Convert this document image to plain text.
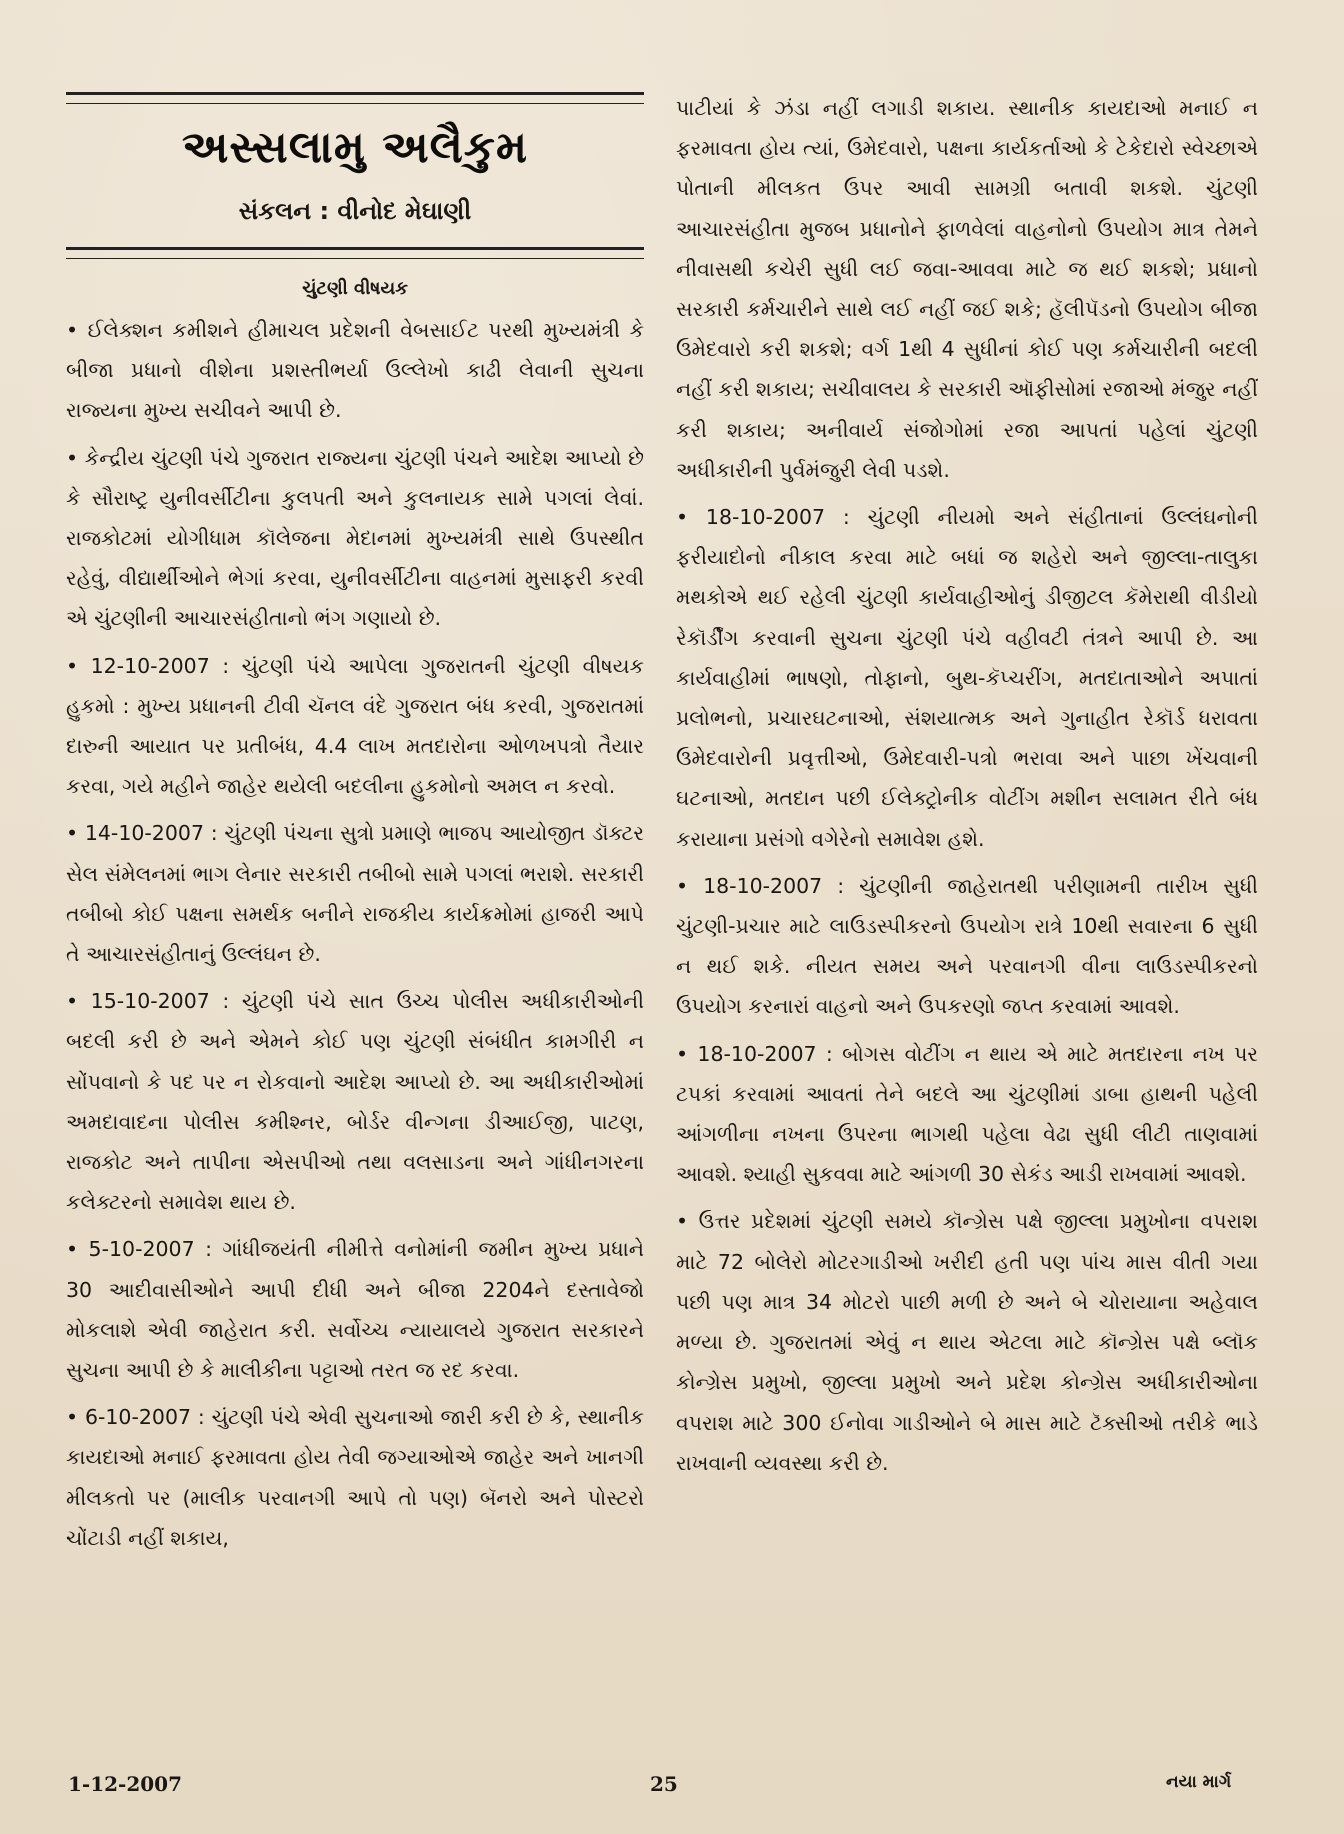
અસ્સલામુ અલૈકુમ
સંકલન : વીનોદ મેઘાણી
ચુંટણી વીષયક

• ઈલેક્શન કમીશને હીમાચલ પ્રદેશની વેબસાઈટ પરથી મુખ્યમંત્રી કે બીજા પ્રધાનો વીશેના પ્રશસ્તીભર્યા ઉલ્લેખો કાઢી લેવાની સુચના રાજ્યના મુખ્ય સચીવને આપી છે.

• કેન્દ્રીય ચુંટણી પંચે ગુજરાત રાજ્યના ચુંટણી પંચને આદેશ આપ્યો છે કે સૌરાષ્ટ્ર યુનીવર્સીટીના કુલપતી અને કુલનાયક સામે પગલાં લેવાં. રાજકોટમાં યોગીધામ કૉલેજના મેદાનમાં મુખ્યમંત્રી સાથે ઉપસ્થીત રહેવું, વીદ્યાર્થીઓને ભેગાં કરવા, યુનીવર્સીટીના વાહનમાં મુસાફરી કરવી એ ચુંટણીની આચારસંહીતાનો ભંગ ગણાયો છે.

• 12-10-2007 : ચુંટણી પંચે આપેલા ગુજરાતની ચુંટણી વીષયક હુકમો : મુખ્ય પ્રધાનની ટીવી ચૅનલ વંદે ગુજરાત બંધ કરવી, ગુજરાતમાં દારુની આયાત પર પ્રતીબંધ, 4.4 લાખ મતદારોના ઓળખપત્રો તૈયાર કરવા, ગયે મહીને જાહેર થયેલી બદલીના હુકમોનો અમલ ન કરવો.

• 14-10-2007 : ચુંટણી પંચના સુત્રો પ્રમાણે ભાજપ આયોજીત ડૉક્ટર સેલ સંમેલનમાં ભાગ લેનાર સરકારી તબીબો સામે પગલાં ભરાશે. સરકારી તબીબો કોઈ પક્ષના સમર્થક બનીને રાજકીય કાર્યક્રમોમાં હાજરી આપે તે આચારસંહીતાનું ઉલ્લંઘન છે.

• 15-10-2007 : ચુંટણી પંચે સાત ઉચ્ચ પોલીસ અધીકારીઓની બદલી કરી છે અને એમને કોઈ પણ ચુંટણી સંબંધીત કામગીરી ન સોંપવાનો કે પદ પર ન રોકવાનો આદેશ આપ્યો છે. આ અધીકારીઓમાં અમદાવાદના પોલીસ કમીશ્નર, બોર્ડર વીન્ગના ડીઆઈજી, પાટણ, રાજકોટ અને તાપીના એસપીઓ તથા વલસાડના અને ગાંધીનગરના કલેક્ટરનો સમાવેશ થાય છે.

• 5-10-2007 : ગાંધીજયંતી નીમીત્તે વનોમાંની જમીન મુખ્ય પ્રધાને 30 આદીવાસીઓને આપી દીધી અને બીજા 2204ને દસ્તાવેજો મોકલાશે એવી જાહેરાત કરી. સર્વોચ્ચ ન્યાયાલયે ગુજરાત સરકારને સુચના આપી છે કે માલીકીના પટ્ટાઓ તરત જ રદ કરવા.

• 6-10-2007 : ચુંટણી પંચે એવી સુચનાઓ જારી કરી છે કે, સ્થાનીક કાયદાઓ મનાઈ ફરમાવતા હોય તેવી જગ્યાઓએ જાહેર અને ખાનગી મીલકતો પર (માલીક પરવાનગી આપે તો પણ) બૅનરો અને પોસ્ટરો ચોંટાડી નહીં શકાય,

પાટીયાં કે ઝંડા નહીં લગાડી શકાય. સ્થાનીક કાયદાઓ મનાઈ ન ફરમાવતા હોય ત્યાં, ઉમેદવારો, પક્ષના કાર્યકર્તાઓ કે ટેકેદારો સ્વેચ્છાએ પોતાની મીલકત ઉપર આવી સામગ્રી બતાવી શકશે. ચુંટણી આચારસંહીતા મુજબ પ્રધાનોને ફાળવેલાં વાહનોનો ઉપયોગ માત્ર તેમને નીવાસથી કચેરી સુધી લઈ જવા-આવવા માટે જ થઈ શકશે; પ્રધાનો સરકારી કર્મચારીને સાથે લઈ નહીં જઈ શકે; હૅલીપૅડનો ઉપયોગ બીજા ઉમેદવારો કરી શકશે; વર્ગ 1થી 4 સુધીનાં કોઈ પણ કર્મચારીની બદલી નહીં કરી શકાય; સચીવાલય કે સરકારી ઑફીસોમાં રજાઓ મંજુર નહીં કરી શકાય; અનીવાર્ય સંજોગોમાં રજા આપતાં પહેલાં ચુંટણી અધીકારીની પુર્વમંજુરી લેવી પડશે.

• 18-10-2007 : ચુંટણી નીયમો અને સંહીતાનાં ઉલ્લંઘનોની ફરીયાદોનો નીકાલ કરવા માટે બધાં જ શહેરો અને જીલ્લા-તાલુકા મથકોએ થઈ રહેલી ચુંટણી કાર્યવાહીઓનું ડીજીટલ કૅમેરાથી વીડીયો રેકૉર્ડીંગ કરવાની સુચના ચુંટણી પંચે વહીવટી તંત્રને આપી છે. આ કાર્યવાહીમાં ભાષણો, તોફાનો, બુથ-કૅપ્ચરીંગ, મતદાતાઓને અપાતાં પ્રલોભનો, પ્રચારઘટનાઓ, સંશયાત્મક અને ગુનાહીત રેકૉર્ડ ધરાવતા ઉમેદવારોની પ્રવૃત્તીઓ, ઉમેદવારી-પત્રો ભરાવા અને પાછા ખેંચવાની ઘટનાઓ, મતદાન પછી ઈલેક્ટ્રોનીક વોટીંગ મશીન સલામત રીતે બંધ કરાયાના પ્રસંગો વગેરેનો સમાવેશ હશે.

• 18-10-2007 : ચુંટણીની જાહેરાતથી પરીણામની તારીખ સુધી ચુંટણી-પ્રચાર માટે લાઉડસ્પીકરનો ઉપયોગ રાત્રે 10થી સવારના 6 સુધી ન થઈ શકે. નીયત સમય અને પરવાનગી વીના લાઉડસ્પીકરનો ઉપયોગ કરનારાં વાહનો અને ઉપકરણો જપ્ત કરવામાં આવશે.

• 18-10-2007 : બોગસ વોટીંગ ન થાય એ માટે મતદારના નખ પર ટપકાં કરવામાં આવતાં તેને બદલે આ ચુંટણીમાં ડાબા હાથની પહેલી આંગળીના નખના ઉપરના ભાગથી પહેલા વેઢા સુધી લીટી તાણવામાં આવશે. શ્યાહી સુકવવા માટે આંગળી 30 સેકંડ આડી રાખવામાં આવશે.

• ઉત્તર પ્રદેશમાં ચુંટણી સમયે કૉન્ગ્રેસ પક્ષે જીલ્લા પ્રમુખોના વપરાશ માટે 72 બોલેરો મોટરગાડીઓ ખરીદી હતી પણ પાંચ માસ વીતી ગયા પછી પણ માત્ર 34 મોટરો પાછી મળી છે અને બે ચોરાયાના અહેવાલ મળ્યા છે. ગુજરાતમાં એવું ન થાય એટલા માટે કૉન્ગ્રેસ પક્ષે બ્લૉક કોન્ગ્રેસ પ્રમુખો, જીલ્લા પ્રમુખો અને પ્રદેશ કોન્ગ્રેસ અધીકારીઓના વપરાશ માટે 300 ઈનોવા ગાડીઓને બે માસ માટે ટૅક્સીઓ તરીકે ભાડે રાખવાની વ્યવસ્થા કરી છે.

1-12-2007	25	નયા માર્ગ
